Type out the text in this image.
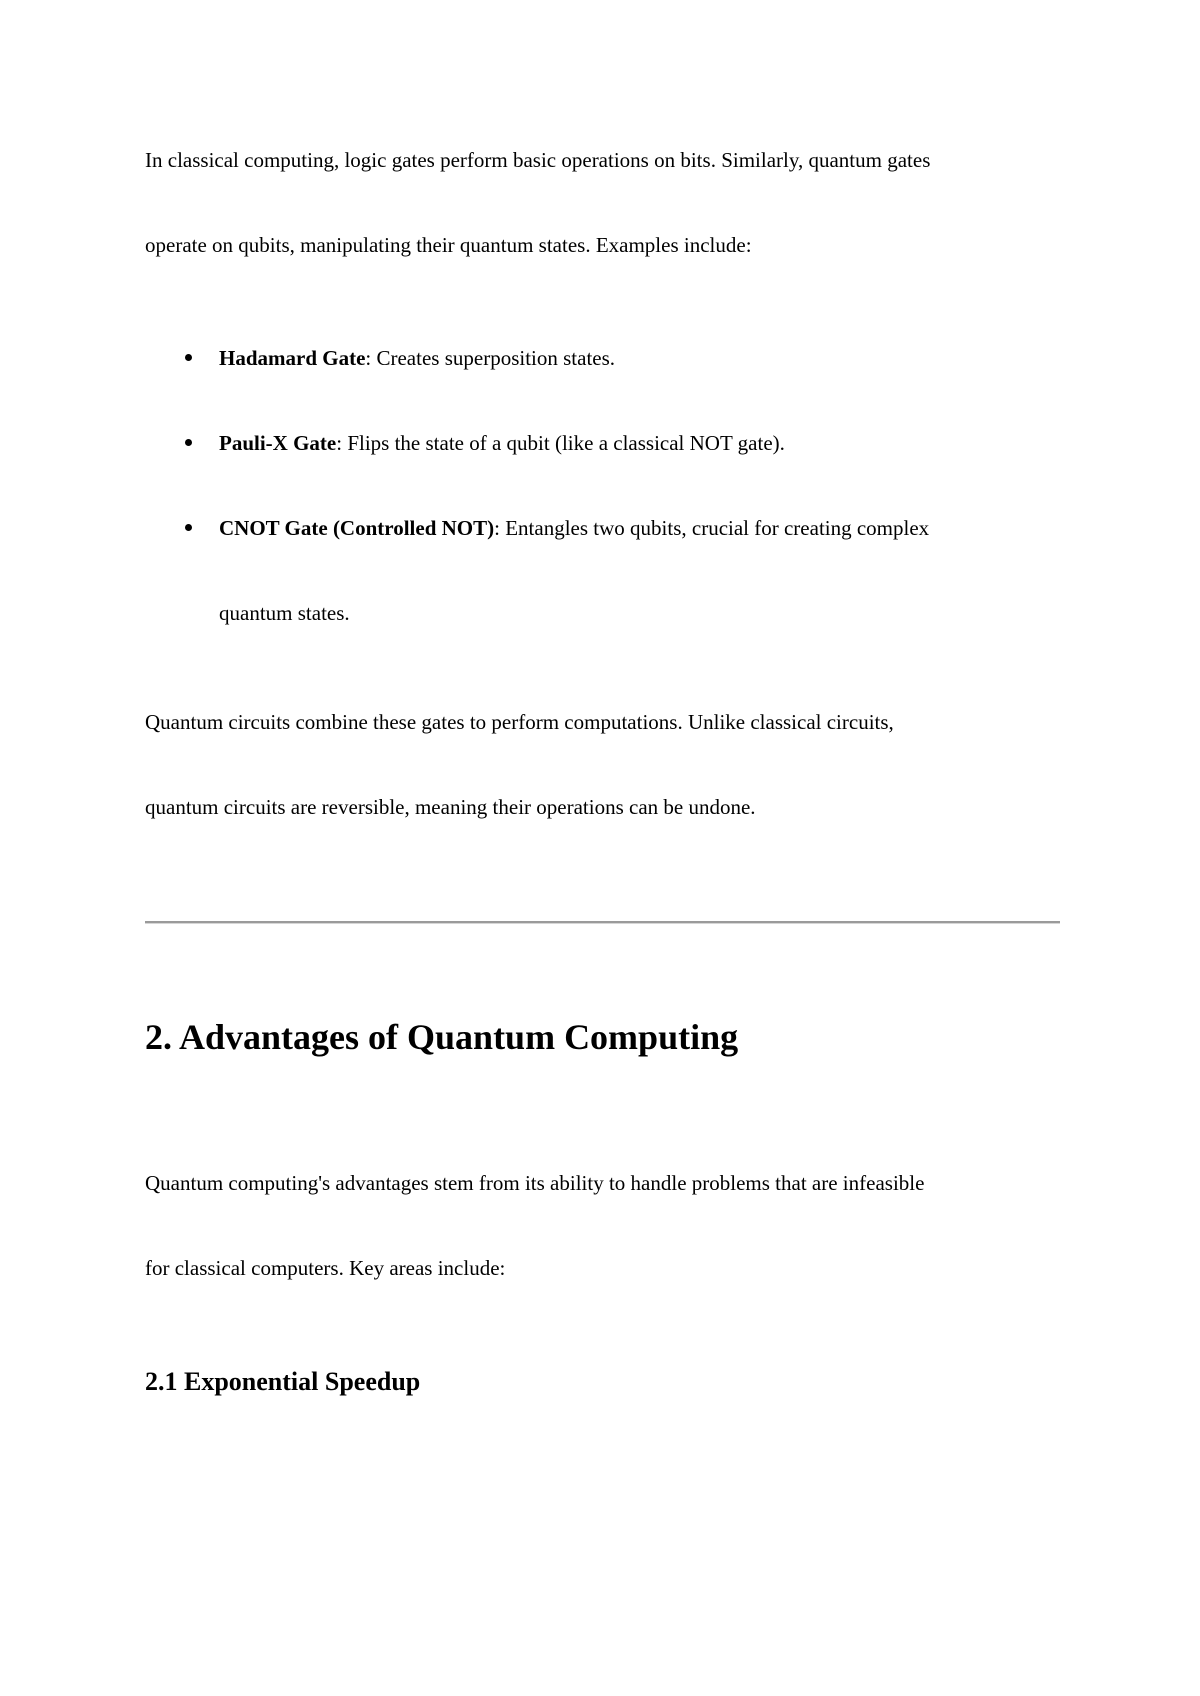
In classical computing, logic gates perform basic operations on bits. Similarly, quantum gates
operate on qubits, manipulating their quantum states. Examples include:
Hadamard Gate: Creates superposition states.
Pauli-X Gate: Flips the state of a qubit (like a classical NOT gate).
CNOT Gate (Controlled NOT): Entangles two qubits, crucial for creating complex
quantum states.
Quantum circuits combine these gates to perform computations. Unlike classical circuits,
quantum circuits are reversible, meaning their operations can be undone.
2. Advantages of Quantum Computing
Quantum computing's advantages stem from its ability to handle problems that are infeasible
for classical computers. Key areas include:
2.1 Exponential Speedup
